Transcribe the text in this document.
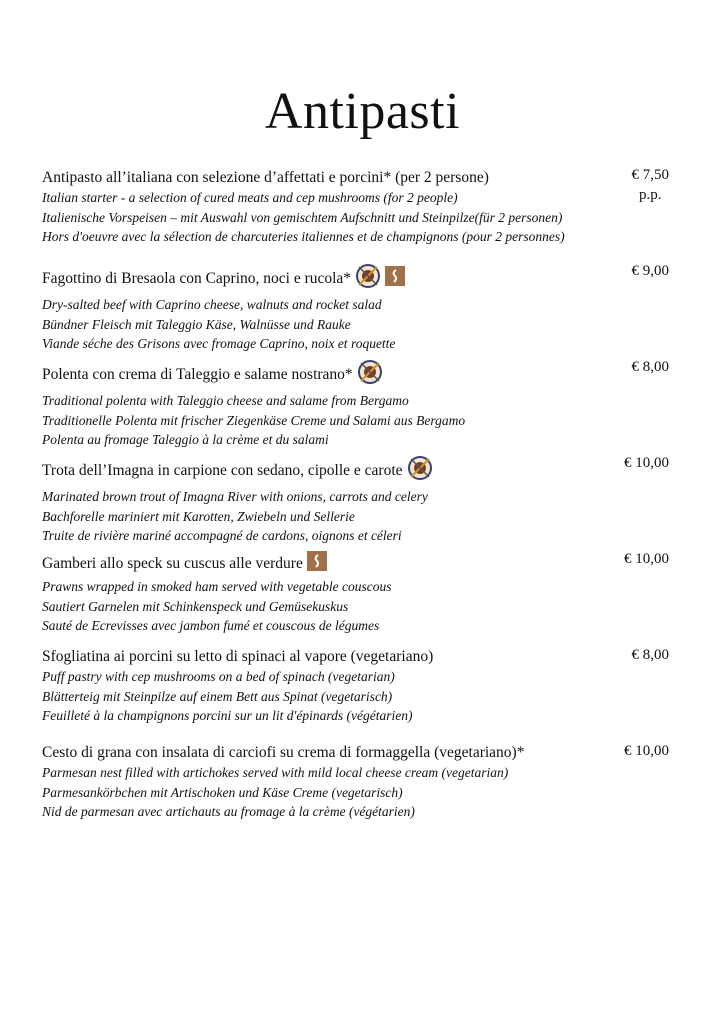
Antipasti
Antipasto all’italiana con selezione d’affettati e porcini* (per 2 persone)
Italian starter - a selection of cured meats and cep mushrooms (for 2 people)
Italienische Vorspeisen – mit Auswahl von gemischtem Aufschnitt und Steinpilze(für 2 personen)
Hors d'oeuvre avec la sélection de charcuteries italiennes et de champignons (pour 2 personnes)
€ 7,50
p.p.
Fagottino di Bresaola con Caprino, noci e rucola*
Dry-salted beef with Caprino cheese, walnuts and rocket salad
Bündner Fleisch mit Taleggio Käse, Walnüsse und Rauke
Viande séche des Grisons avec fromage Caprino, noix et roquette
€ 9,00
Polenta con crema di Taleggio e salame nostrano*
Traditional polenta with Taleggio cheese and salame from Bergamo
Traditionelle Polenta mit frischer Ziegenkäse Creme und Salami aus Bergamo
Polenta au fromage Taleggio à la crème et du salami
€ 8,00
Trota dell’Imagna in carpione con sedano, cipolle e carote
Marinated brown trout of Imagna River with onions, carrots and celery
Bachforelle mariniert mit Karotten, Zwiebeln und Sellerie
Truite de rivière mariné accompagné de cardons, oignons et céleri
€ 10,00
Gamberi allo speck su cuscus alle verdure
Prawns wrapped in smoked ham served with vegetable couscous
Sautiert Garnelen mit Schinkenspeck und Gemüsekuskus
Sauté de Ecrevisses avec jambon fumé et couscous de légumes
€ 10,00
Sfogliatina ai porcini su letto di spinaci al vapore (vegetariano)
Puff pastry with cep mushrooms on a bed of spinach (vegetarian)
Blätterteig mit Steinpilze auf einem Bett aus Spinat (vegetarisch)
Feuilleté à la champignons porcini sur un lit d'épinards (végétarien)
€ 8,00
Cesto di grana con insalata di carciofi su crema di formaggella (vegetariano)*
Parmesan nest filled with artichokes served with mild local cheese cream (vegetarian)
Parmesankörbchen mit Artischoken und Käse Creme (vegetarisch)
Nid de parmesan avec artichauts au fromage à la crème (végétarien)
€ 10,00
